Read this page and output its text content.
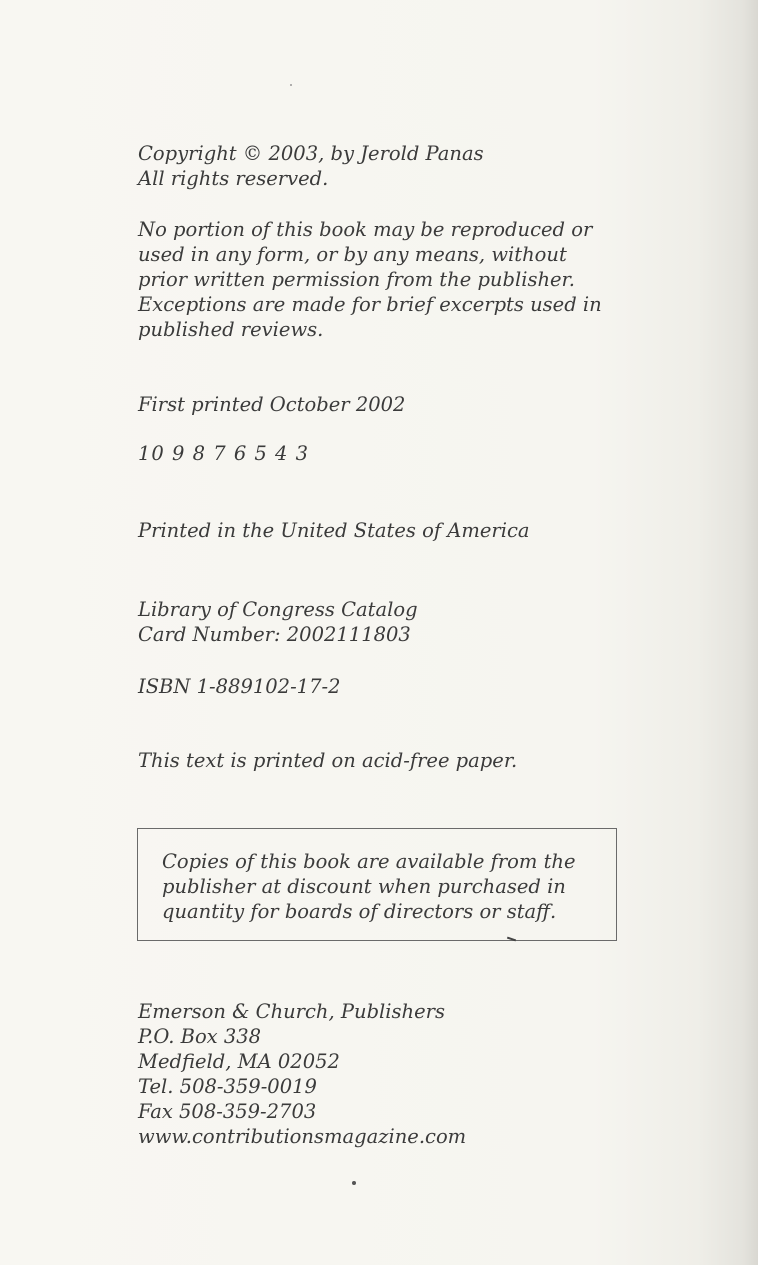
Copyright © 2003, by Jerold Panas
All rights reserved.
No portion of this book may be reproduced or
used in any form, or by any means, without
prior written permission from the publisher.
Exceptions are made for brief excerpts used in
published reviews.
First printed October 2002
10 9 8 7 6 5 4 3
Printed in the United States of America
Library of Congress Catalog
Card Number: 2002111803
ISBN 1-889102-17-2
This text is printed on acid-free paper.
Copies of this book are available from the
publisher at discount when purchased in
quantity for boards of directors or staff.
Emerson & Church, Publishers
P.O. Box 338
Medfield, MA 02052
Tel. 508-359-0019
Fax 508-359-2703
www.contributionsmagazine.com
